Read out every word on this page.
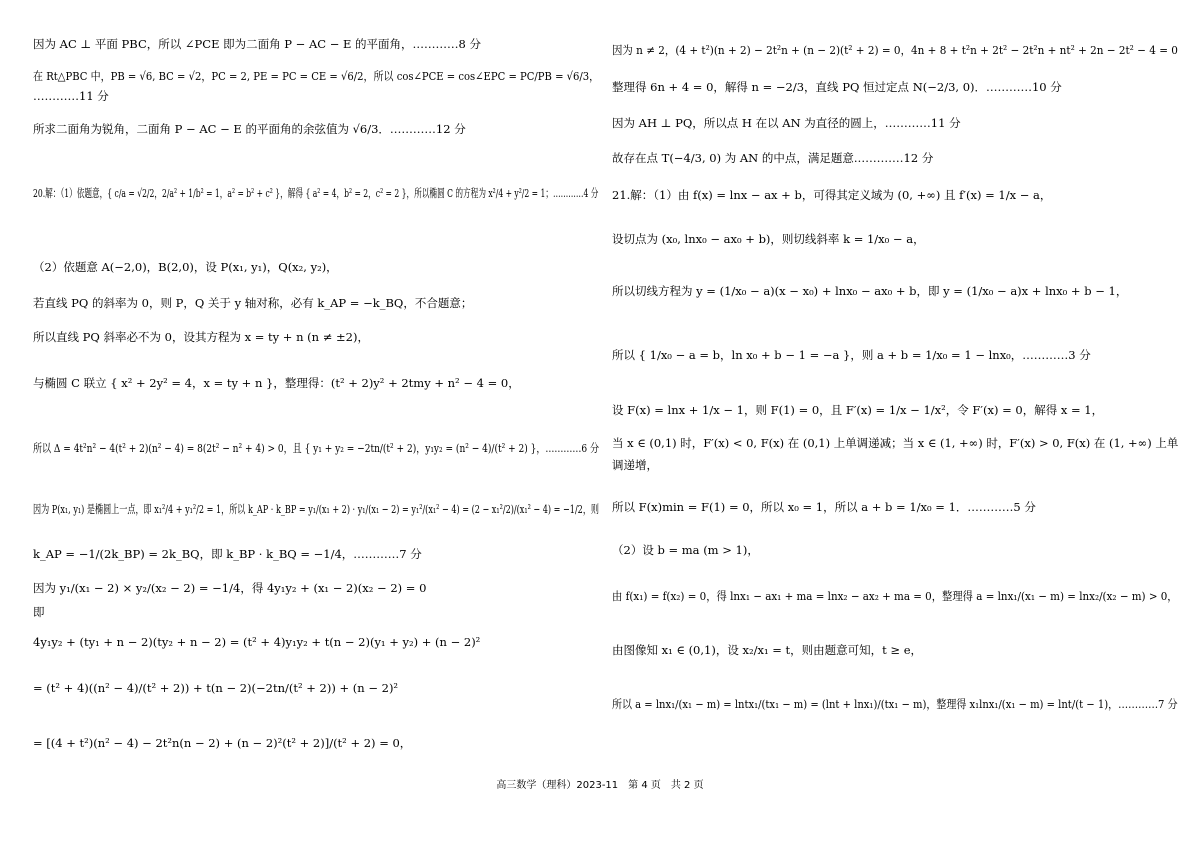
因为 AC ⊥ 平面 PBC，所以 ∠PCE 即为二面角 P − AC − E 的平面角，…………8 分
在 Rt△PBC 中，PB = √6, BC = √2，PC = 2, PE = PC = CE = √6/2，所以 cos∠PCE = cos∠EPC = PC/PB = √6/3，
…………11 分
所求二面角为锐角，二面角 P − AC − E 的平面角的余弦值为 √6/3．…………12 分
20.解：（1）依题意，{ c/a = √2/2，2/a² + 1/b² = 1，a² = b² + c² }，解得 { a² = 4，b² = 2，c² = 2 }，所以椭圆 C 的方程为 x²/4 + y²/2 = 1；…………4 分
（2）依题意 A(−2,0)，B(2,0)，设 P(x₁, y₁)，Q(x₂, y₂)，
若直线 PQ 的斜率为 0，则 P，Q 关于 y 轴对称，必有 k_AP = −k_BQ，不合题意；
所以直线 PQ 斜率必不为 0，设其方程为 x = ty + n (n ≠ ±2)，
与椭圆 C 联立 { x² + 2y² = 4，x = ty + n }，整理得：(t² + 2)y² + 2tmy + n² − 4 = 0，
所以 Δ = 4t²n² − 4(t² + 2)(n² − 4) = 8(2t² − n² + 4) > 0，且 { y₁ + y₂ = −2tn/(t² + 2)，y₁y₂ = (n² − 4)/(t² + 2) }，…………6 分
因为 P(x₁, y₁) 是椭圆上一点，即 x₁²/4 + y₁²/2 = 1，所以 k_AP · k_BP = y₁/(x₁ + 2) · y₁/(x₁ − 2) = y₁²/(x₁² − 4) = (2 − x₁²/2)/(x₁² − 4) = −1/2，则
k_AP = −1/(2k_BP) = 2k_BQ，即 k_BP · k_BQ = −1/4，…………7 分
因为 y₁/(x₁ − 2) × y₂/(x₂ − 2) = −1/4，得 4y₁y₂ + (x₁ − 2)(x₂ − 2) = 0
即
4y₁y₂ + (ty₁ + n − 2)(ty₂ + n − 2) = (t² + 4)y₁y₂ + t(n − 2)(y₁ + y₂) + (n − 2)²
= (t² + 4)((n² − 4)/(t² + 2)) + t(n − 2)(−2tn/(t² + 2)) + (n − 2)²
= [(4 + t²)(n² − 4) − 2t²n(n − 2) + (n − 2)²(t² + 2)]/(t² + 2) = 0，
因为 n ≠ 2，(4 + t²)(n + 2) − 2t²n + (n − 2)(t² + 2) = 0，4n + 8 + t²n + 2t² − 2t²n + nt² + 2n − 2t² − 4 = 0
整理得 6n + 4 = 0，解得 n = −2/3，直线 PQ 恒过定点 N(−2/3, 0)．…………10 分
因为 AH ⊥ PQ，所以点 H 在以 AN 为直径的圆上，…………11 分
故存在点 T(−4/3, 0) 为 AN 的中点，满足题意.…………12 分
21.解：（1）由 f(x) = lnx − ax + b，可得其定义域为 (0, +∞) 且 f′(x) = 1/x − a，
设切点为 (x₀, lnx₀ − ax₀ + b)，则切线斜率 k = 1/x₀ − a，
所以切线方程为 y = (1/x₀ − a)(x − x₀) + lnx₀ − ax₀ + b，即 y = (1/x₀ − a)x + lnx₀ + b − 1，
所以 { 1/x₀ − a = b，ln x₀ + b − 1 = −a }，则 a + b = 1/x₀ = 1 − lnx₀，…………3 分
设 F(x) = lnx + 1/x − 1，则 F(1) = 0，且 F′(x) = 1/x − 1/x²，令 F′(x) = 0，解得 x = 1，
当 x ∈ (0,1) 时，F′(x) < 0, F(x) 在 (0,1) 上单调递减；当 x ∈ (1, +∞) 时，F′(x) > 0, F(x) 在 (1, +∞) 上单
调递增，
所以 F(x)min = F(1) = 0，所以 x₀ = 1，所以 a + b = 1/x₀ = 1．…………5 分
（2）设 b = ma (m > 1)，
由 f(x₁) = f(x₂) = 0，得 lnx₁ − ax₁ + ma = lnx₂ − ax₂ + ma = 0，整理得 a = lnx₁/(x₁ − m) = lnx₂/(x₂ − m) > 0，
由图像知 x₁ ∈ (0,1)，设 x₂/x₁ = t，则由题意可知，t ≥ e，
所以 a = lnx₁/(x₁ − m) = lntx₁/(tx₁ − m) = (lnt + lnx₁)/(tx₁ − m)，整理得 x₁lnx₁/(x₁ − m) = lnt/(t − 1)，…………7 分
高三数学（理科）2023-11　第 4 页　共 2 页
